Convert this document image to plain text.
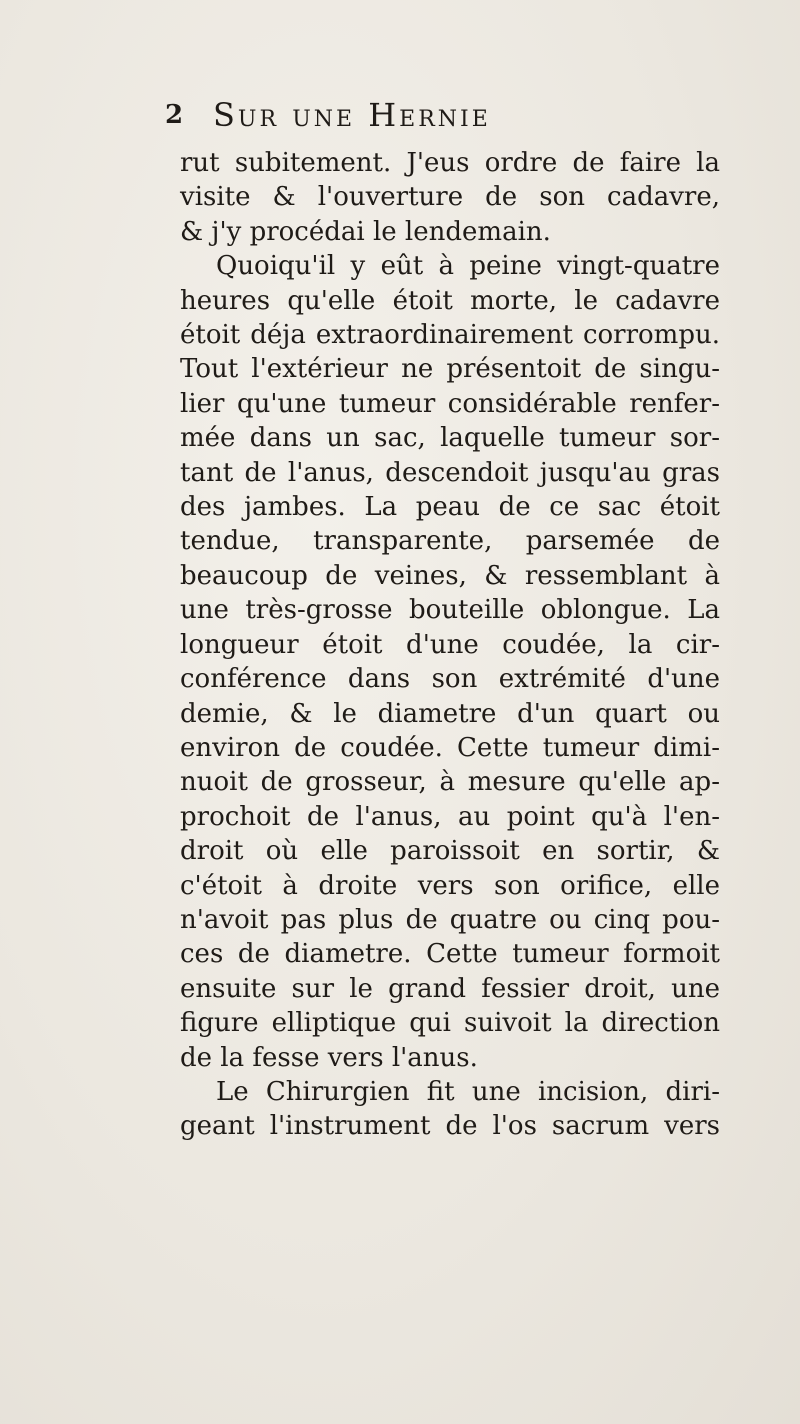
2 Sur une Hernie
rut subitement. J'eus ordre de faire la
visite & l'ouverture de son cadavre,
& j'y procédai le lendemain.
Quoiqu'il y eût à peine vingt-quatre
heures qu'elle étoit morte, le cadavre
étoit déja extraordinairement corrompu.
Tout l'extérieur ne présentoit de singu-
lier qu'une tumeur considérable renfer-
mée dans un sac, laquelle tumeur sor-
tant de l'anus, descendoit jusqu'au gras
des jambes. La peau de ce sac étoit
tendue, transparente, parsemée de
beaucoup de veines, & ressemblant à
une très-grosse bouteille oblongue. La
longueur étoit d'une coudée, la cir-
conférence dans son extrémité d'une
demie, & le diametre d'un quart ou
environ de coudée. Cette tumeur dimi-
nuoit de grosseur, à mesure qu'elle ap-
prochoit de l'anus, au point qu'à l'en-
droit où elle paroissoit en sortir, &
c'étoit à droite vers son orifice, elle
n'avoit pas plus de quatre ou cinq pou-
ces de diametre. Cette tumeur formoit
ensuite sur le grand fessier droit, une
figure elliptique qui suivoit la direction
de la fesse vers l'anus.
Le Chirurgien fit une incision, diri-
geant l'instrument de l'os sacrum vers
